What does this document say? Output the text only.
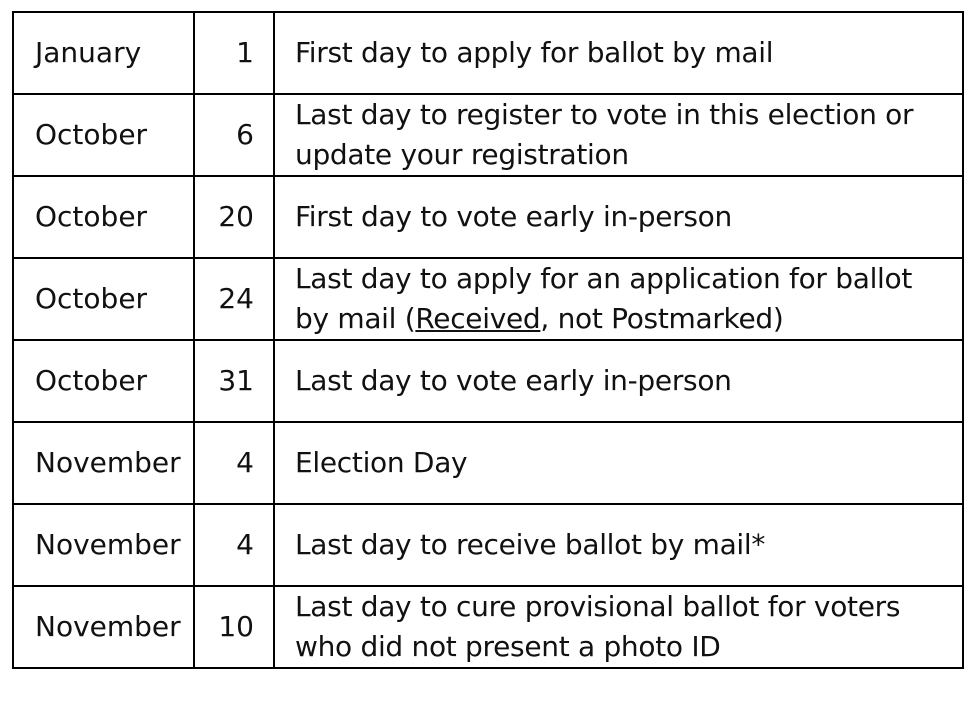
January	1	First day to apply for ballot by mail
October	6	Last day to register to vote in this election or update your registration
October	20	First day to vote early in-person
October	24	Last day to apply for an application for ballot by mail (Received, not Postmarked)
October	31	Last day to vote early in-person
November	4	Election Day
November	4	Last day to receive ballot by mail*
November	10	Last day to cure provisional ballot for voters who did not present a photo ID
